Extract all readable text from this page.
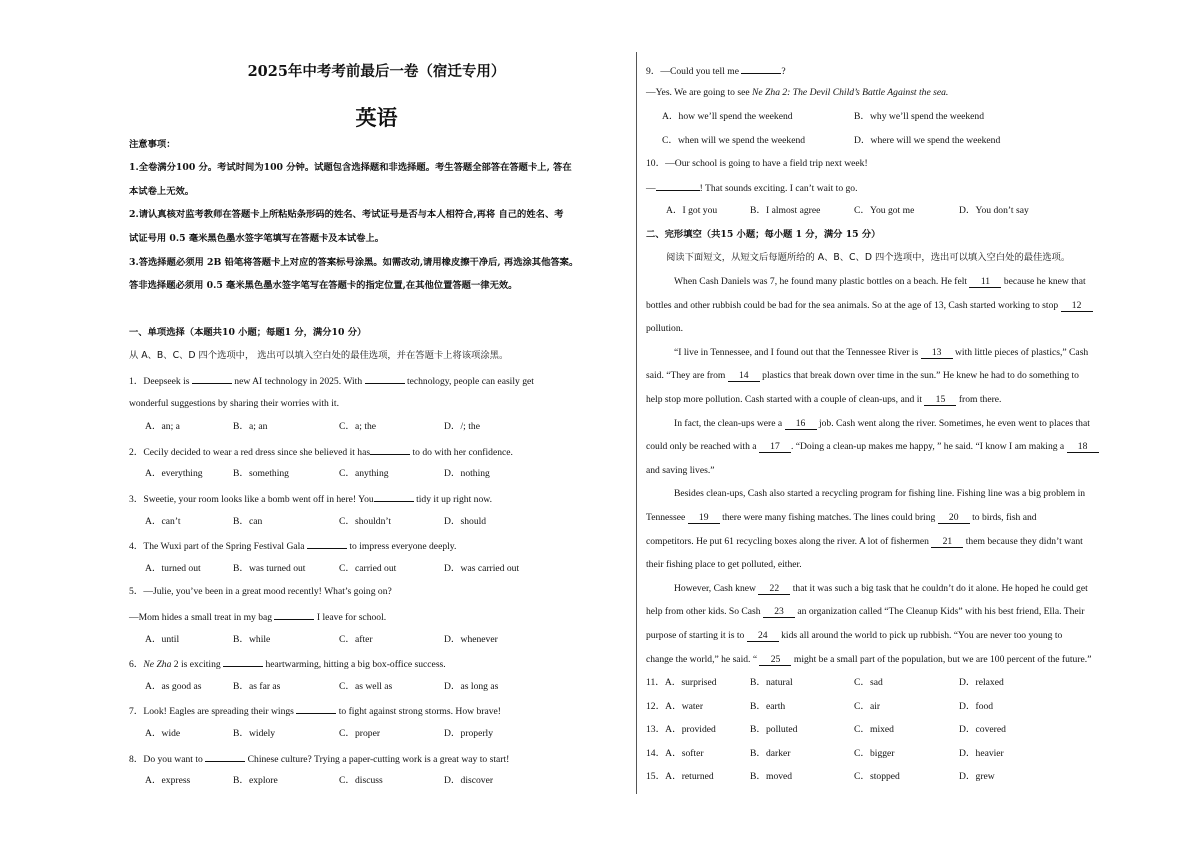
2025年中考考前最后一卷（宿迁专用）
英语
注意事项：
1.全卷满分100 分。考试时间为100 分钟。试题包含选择题和非选择题。考生答题全部答在答题卡上, 答在
本试卷上无效。
2.请认真核对监考教师在答题卡上所粘贴条形码的姓名、考试证号是否与本人相符合,再将 自己的姓名、考
试证号用 0.5 毫米黑色墨水签字笔填写在答题卡及本试卷上。
3.答选择题必须用 2B 铅笔将答题卡上对应的答案标号涂黑。如需改动,请用橡皮擦干净后, 再选涂其他答案。
答非选择题必须用 0.5 毫米黑色墨水签字笔写在答题卡的指定位置,在其他位置答题一律无效。
一、单项选择（本题共10 小题；每题1 分，满分10 分）
从 A、B、C、D 四个选项中， 选出可以填入空白处的最佳选项，并在答题卡上将该项涂黑。
1．Deepseek is	new AI technology in 2025. With	technology, people can easily get
wonderful suggestions by sharing their worries with it.
A．an; a	B．a; an	C．a; the	D．/; the
2．Cecily decided to wear a red dress since she believed it has	to do with her confidence.
A．everything	B．something	C．anything	D．nothing
3．Sweetie, your room looks like a bomb went off in here! You	tidy it up right now.
A．can’t	B．can	C．shouldn’t	D．should
4．The Wuxi part of the Spring Festival Gala	to impress everyone deeply.
A．turned out	B．was turned out	C．carried out	D．was carried out
5．—Julie, you’ve been in a great mood recently! What’s going on?
—Mom hides a small treat in my bag	I leave for school.
A．until	B．while	C．after	D．whenever
6．Ne Zha 2 is exciting	heartwarming, hitting a big box-office success.
A．as good as	B．as far as	C．as well as	D．as long as
7．Look! Eagles are spreading their wings	to fight against strong storms. How brave!
A．wide	B．widely	C．proper	D．properly
8．Do you want to	Chinese culture? Trying a paper-cutting work is a great way to start!
A．express	B．explore	C．discuss	D．discover
9．—Could you tell me	?
—Yes. We are going to see Ne Zha 2: The Devil Child’s Battle Against the sea.
A．how we’ll spend the weekend	B．why we’ll spend the weekend
C．when will we spend the weekend	D．where will we spend the weekend
10．—Our school is going to have a field trip next week!
—	! That sounds exciting. I can’t wait to go.
A．I got you	B．I almost agree	C．You got me	D．You don’t say
二、完形填空（共15 小题；每小题 1 分，满分 15 分）
阅读下面短文，从短文后每题所给的 A、B、C、D 四个选项中，选出可以填入空白处的最佳选项。
When Cash Daniels was 7, he found many plastic bottles on a beach. He felt 11 because he knew that
bottles and other rubbish could be bad for the sea animals. So at the age of 13, Cash started working to stop 12
pollution.
“I live in Tennessee, and I found out that the Tennessee River is 13 with little pieces of plastics,” Cash
said. “They are from 14 plastics that break down over time in the sun.” He knew he had to do something to
help stop more pollution. Cash started with a couple of clean-ups, and it 15 from there.
In fact, the clean-ups were a 16 job. Cash went along the river. Sometimes, he even went to places that
could only be reached with a 17 . “Doing a clean-up makes me happy, ” he said. “I know I am making a 18
and saving lives.”
Besides clean-ups, Cash also started a recycling program for fishing line. Fishing line was a big problem in
Tennessee 19 there were many fishing matches. The lines could bring 20 to birds, fish and
competitors. He put 61 recycling boxes along the river. A lot of fishermen 21 them because they didn’t want
their fishing place to get polluted, either.
However, Cash knew 22 that it was such a big task that he couldn’t do it alone. He hoped he could get
help from other kids. So Cash 23 an organization called “The Cleanup Kids” with his best friend, Ella. Their
purpose of starting it is to 24 kids all around the world to pick up rubbish. “You are never too young to
change the world,” he said. “ 25 might be a small part of the population, but we are 100 percent of the future.”
11．A．surprised	B．natural	C．sad	D．relaxed
12．A．water	B．earth	C．air	D．food
13．A．provided	B．polluted	C．mixed	D．covered
14．A．softer	B．darker	C．bigger	D．heavier
15．A．returned	B．moved	C．stopped	D．grew
